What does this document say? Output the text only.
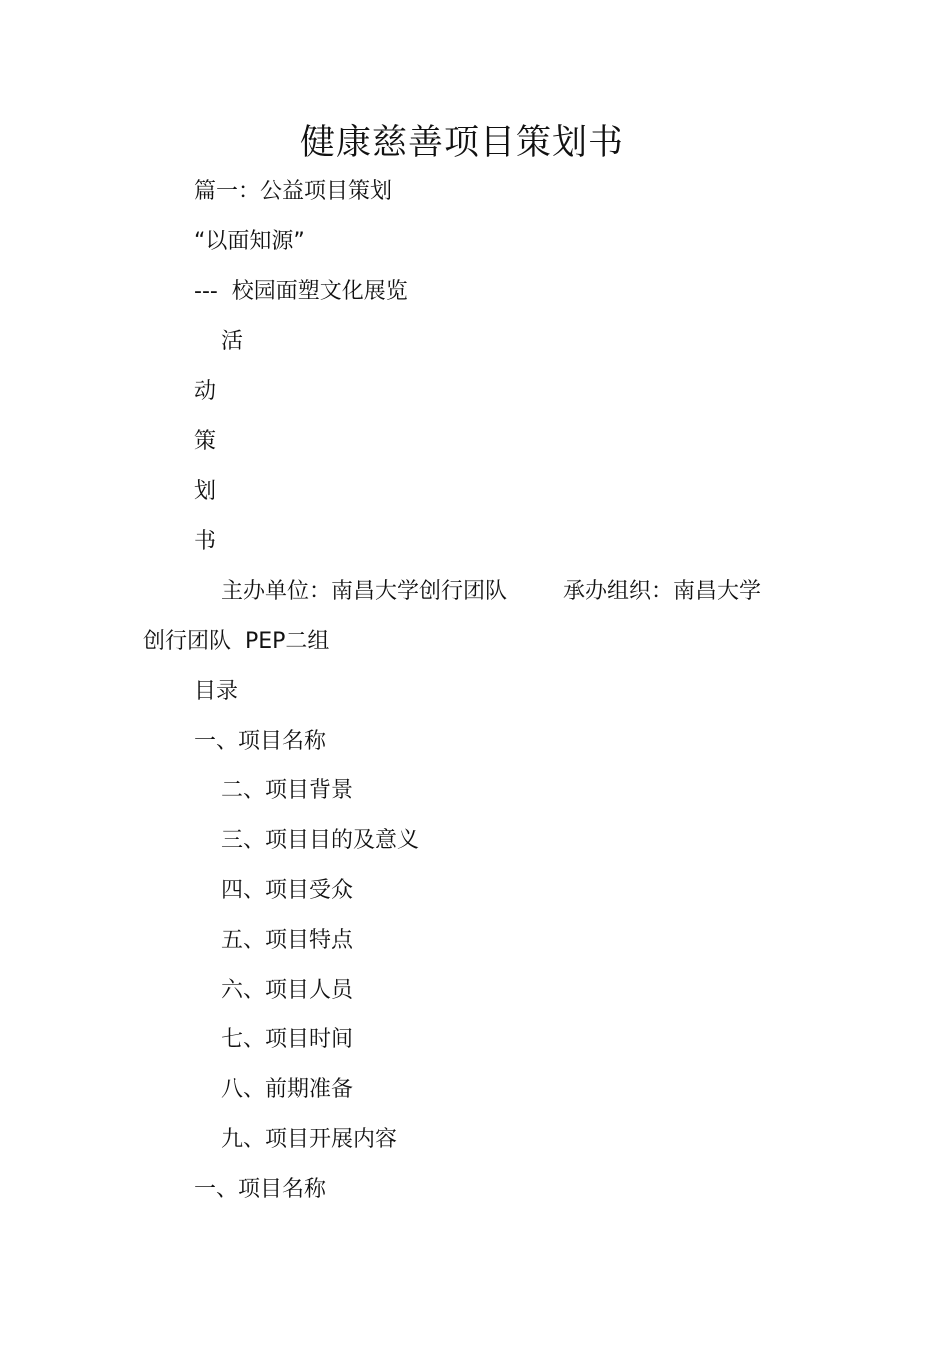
健康慈善项目策划书
篇一：公益项目策划
“以面知源”
---  校园面塑文化展览
活
动
策
划
书
主办单位：南昌大学创行团队	承办组织：南昌大学
创行团队  PEP二组
目录
一、项目名称
二、项目背景
三、项目目的及意义
四、项目受众
五、项目特点
六、项目人员
七、项目时间
八、前期准备
九、项目开展内容
一、项目名称
